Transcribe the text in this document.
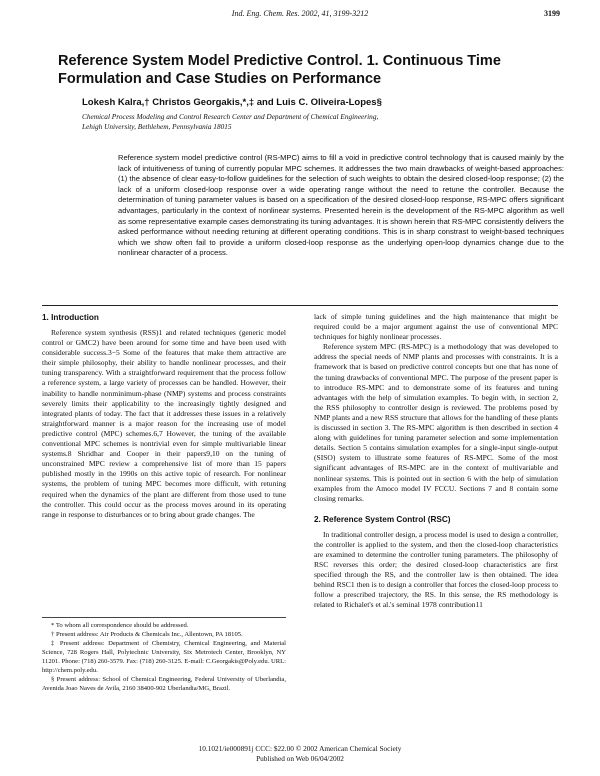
Ind. Eng. Chem. Res. 2002, 41, 3199-3212	3199
Reference System Model Predictive Control. 1. Continuous Time Formulation and Case Studies on Performance
Lokesh Kalra,† Christos Georgakis,*,‡ and Luis C. Oliveira-Lopes§
Chemical Process Modeling and Control Research Center and Department of Chemical Engineering,
Lehigh University, Bethlehem, Pennsylvania 18015

Reference system model predictive control (RS-MPC) aims to fill a void in predictive control technology that is caused mainly by the lack of intuitiveness of tuning of currently popular MPC schemes. It addresses the two main drawbacks of weight-based approaches: (1) the absence of clear easy-to-follow guidelines for the selection of such weights to obtain the desired closed-loop response; (2) the lack of a uniform closed-loop response over a wide operating range without the need to retune the controller. Because the determination of tuning parameter values is based on a specification of the desired closed-loop response, RS-MPC offers significant advantages, particularly in the context of nonlinear systems. Presented herein is the development of the RS-MPC algorithm as well as some representative example cases demonstrating its tuning advantages. It is shown herein that RS-MPC consistently delivers the asked performance without needing retuning at different operating conditions. This is in sharp constrast to weight-based techniques which we show often fail to provide a uniform closed-loop response as the underlying open-loop dynamics change due to the nonlinear character of a process.

1. Introduction

Reference system synthesis (RSS)1 and related techniques (generic model control or GMC2) have been around for some time and have been used with considerable success.3−5 Some of the features that make them attractive are their simple philosophy, their ability to handle nonlinear processes, and their tuning transparency. With a straightforward requirement that the process follow a reference system, a large variety of processes can be handled. However, their inability to handle nonminimum-phase (NMP) systems and process constraints severely limits their applicability to the increasingly tightly designed and integrated plants of today. The fact that it addresses these issues in a relatively straightforward manner is a major reason for the increasing use of model predictive control (MPC) schemes.6,7 However, the tuning of the available conventional MPC schemes is nontrivial even for simple multivariable linear systems.8 Shridhar and Cooper in their papers9,10 on the tuning of unconstrained MPC review a comprehensive list of more than 15 papers published mostly in the 1990s on this active topic of research. For nonlinear systems, the problem of tuning MPC becomes more difficult, with retuning required when the dynamics of the plant are different from those used to tune the controller. This could occur as the process moves around in its operating range in response to disturbances or to bring about grade changes. The

lack of simple tuning guidelines and the high maintenance that might be required could be a major argument against the use of conventional MPC techniques for highly nonlinear processes.

Reference system MPC (RS-MPC) is a methodology that was developed to address the special needs of NMP plants and processes with constraints. It is a framework that is based on predictive control concepts but one that has none of the tuning drawbacks of conventional MPC. The purpose of the present paper is to introduce RS-MPC and to demonstrate some of its features and tuning advantages with the help of simulation examples. To begin with, in section 2, the RSS philosophy to controller design is reviewed. The problems posed by NMP plants and a new RSS structure that allows for the handling of these plants is discussed in section 3. The RS-MPC algorithm is then described in section 4 along with guidelines for tuning parameter selection and some implementation details. Section 5 contains simulation examples for a single-input single-output (SISO) system to illustrate some features of RS-MPC. Some of the most significant advantages of RS-MPC are in the context of multivariable and nonlinear systems. This is pointed out in section 6 with the help of simulation examples from the Amoco model IV FCCU. Sections 7 and 8 contain some closing remarks.

2. Reference System Control (RSC)

In traditional controller design, a process model is used to design a controller, the controller is applied to the system, and then the closed-loop characteristics are examined to determine the controller tuning parameters. The philosophy of RSC reverses this order; the desired closed-loop characteristics are first specified through the RS, and the controller law is then obtained. The idea behind RSC1 then is to design a controller that forces the closed-loop process to follow a prescribed trajectory, the RS. In this sense, the RS methodology is related to Richalet's et al.'s seminal 1978 contribution11

* To whom all correspondence should be addressed.

† Present address: Air Products & Chemicals Inc., Allentown, PA 18105.

‡ Present address: Department of Chemistry, Chemical Engineering, and Material Science, 728 Rogers Hall, Polytechnic University, Six Metrotech Center, Brooklyn, NY 11201. Phone: (718) 260-3579. Fax: (718) 260-3125. E-mail: C.Georgakis@Poly.edu. URL: http://chem.poly.edu.

§ Present address: School of Chemical Engineering, Federal University of Uberlandia, Avenida Joao Naves de Avila, 2160 38400-902 Uberlandia/MG, Brazil.

10.1021/ie000891j CCC: $22.00 © 2002 American Chemical Society
Published on Web 06/04/2002
